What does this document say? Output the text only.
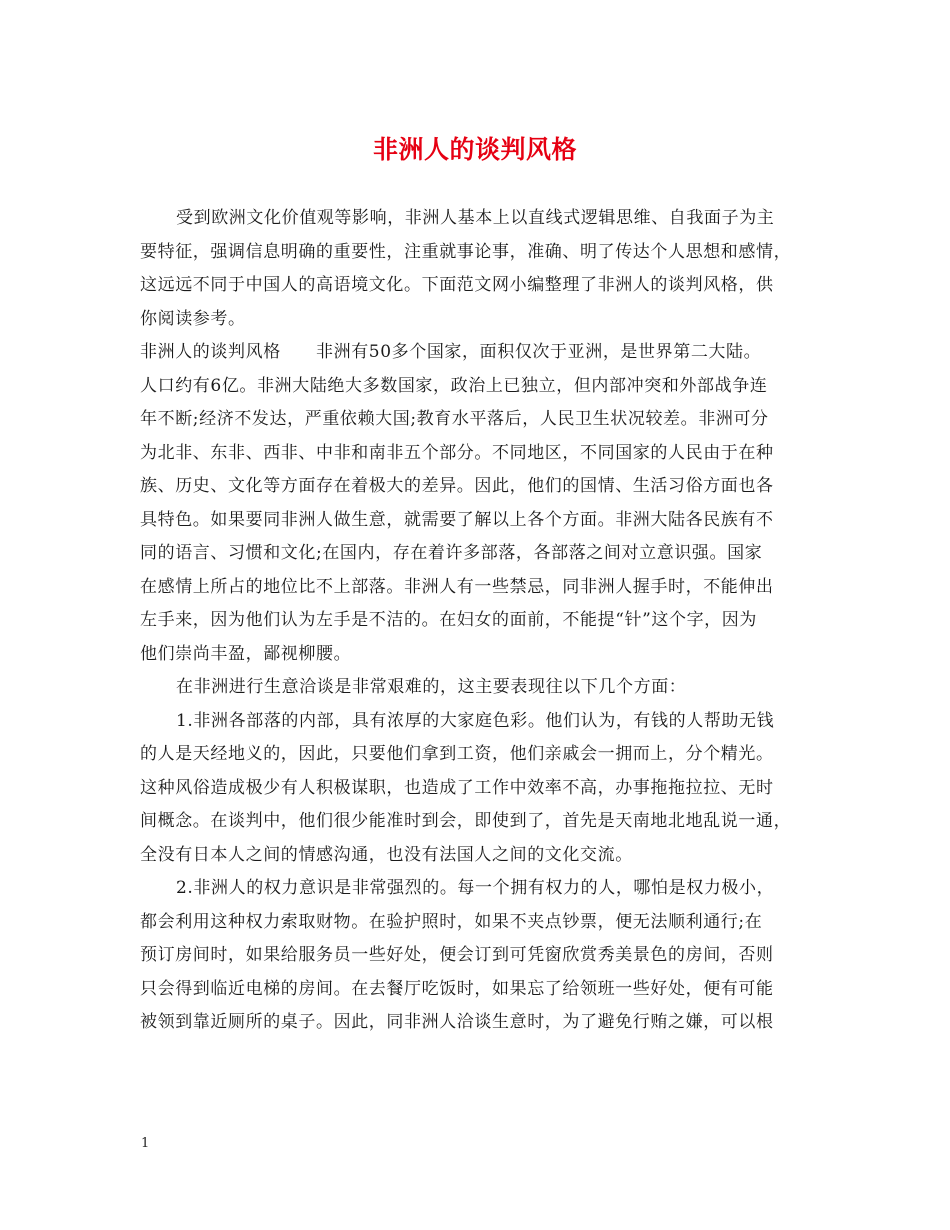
非洲人的谈判风格
受到欧洲文化价值观等影响，非洲人基本上以直线式逻辑思维、自我面子为主
要特征，强调信息明确的重要性，注重就事论事，准确、明了传达个人思想和感情，
这远远不同于中国人的高语境文化。下面范文网小编整理了非洲人的谈判风格，供
你阅读参考。
非洲人的谈判风格　　非洲有50多个国家，面积仅次于亚洲，是世界第二大陆。
人口约有6亿。非洲大陆绝大多数国家，政治上已独立，但内部冲突和外部战争连
年不断;经济不发达，严重依赖大国;教育水平落后，人民卫生状况较差。非洲可分
为北非、东非、西非、中非和南非五个部分。不同地区，不同国家的人民由于在种
族、历史、文化等方面存在着极大的差异。因此，他们的国情、生活习俗方面也各
具特色。如果要同非洲人做生意，就需要了解以上各个方面。非洲大陆各民族有不
同的语言、习惯和文化;在国内，存在着许多部落，各部落之间对立意识强。国家
在感情上所占的地位比不上部落。非洲人有一些禁忌，同非洲人握手时，不能伸出
左手来，因为他们认为左手是不洁的。在妇女的面前，不能提“针”这个字，因为
他们崇尚丰盈，鄙视柳腰。
在非洲进行生意洽谈是非常艰难的，这主要表现往以下几个方面：
1.非洲各部落的内部，具有浓厚的大家庭色彩。他们认为，有钱的人帮助无钱
的人是天经地义的，因此，只要他们拿到工资，他们亲戚会一拥而上，分个精光。
这种风俗造成极少有人积极谋职，也造成了工作中效率不高，办事拖拖拉拉、无时
间概念。在谈判中，他们很少能准时到会，即使到了，首先是天南地北地乱说一通，
全没有日本人之间的情感沟通，也没有法国人之间的文化交流。
2.非洲人的权力意识是非常强烈的。每一个拥有权力的人，哪怕是权力极小，
都会利用这种权力索取财物。在验护照时，如果不夹点钞票，便无法顺利通行;在
预订房间时，如果给服务员一些好处，便会订到可凭窗欣赏秀美景色的房间，否则
只会得到临近电梯的房间。在去餐厅吃饭时，如果忘了给领班一些好处，便有可能
被领到靠近厕所的桌子。因此，同非洲人洽谈生意时，为了避免行贿之嫌，可以根
1
